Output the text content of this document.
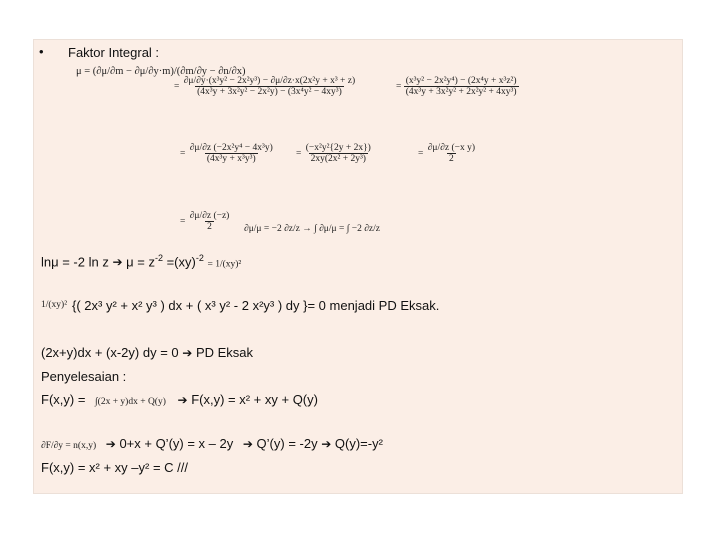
• Faktor Integral :
μ = (∂μ/∂m − ∂μ/∂y·m)/(∂m/∂y − ∂n/∂x)
= $\frac{\text{∂μ/∂y·(x³y² − 2x²y³) − ∂μ/∂z·x(2x²y + x³ + z)}}{\text{(4x³y + 3x²y² − 2x²y) − (3x⁴y² − 4xy³)}}$	= $\frac{\text{(x³y² − 2x²y⁴) − (2x⁴y + x³z²)}}{\text{(4x³y + 3x²y² + 2x²y² + 4xy³)}}$
= $\frac{\text{∂μ/∂z (−2x²y⁴ − 4x³y)}}{\text{(4x³y + x³y³)}} = \frac{\text{(−x²y²\{2y + 2x\})}}{\text{2xy(2x² + 2y³)}}$	= $\frac{\text{∂μ/∂z (−x y)}}{2}$
= $\frac{\partial\mu/\partial z (-z)}{2} \partial\mu/\mu = -2$ ∂z/z → ∫ ∂μ/μ = ∫ −2 ∂z/z
lnμ = -2 ln z ➔ $\mu = z^{-2} =(xy)^{-2} = 1/(xy)^2$
1/(xy)² {( 2x³ y² + x² y³ ) dx + ( x³ y² - 2 x²y³ ) dy }= 0 menjadi PD Eksak.
(2x+y)dx + (x-2y) dy = 0 ➔ PD Eksak
Penyelesaian :
F(x,y) = ∫(2x + y)dx + Q(y) ➔ F(x,y) = x² + xy + Q(y)
∂F/∂y = n(x,y) ➔ 0+x + Q’(y) = x – 2y ➔ Q’(y) = -2y ➔ Q(y)=-y²
F(x,y) = x² + xy –y² = C ///
